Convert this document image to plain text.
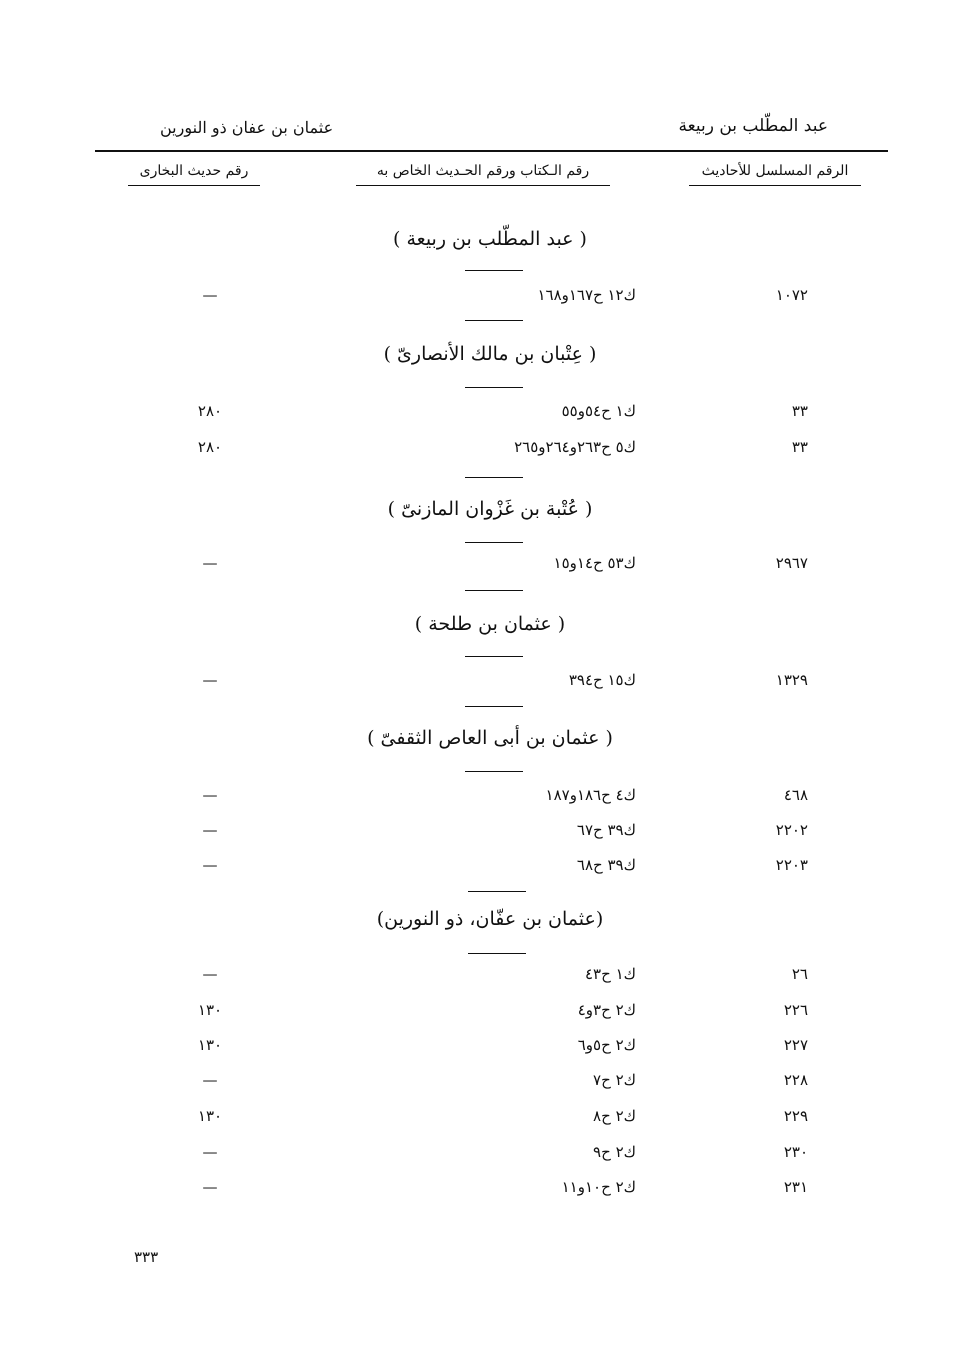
عبد المطّلب بن ربيعة
عثمان بن عفان ذو النورين
الرقم المسلسل للأحاديث
رقم الـكتاب ورقم الحـديث الخاص به
رقم حديث البخارى
( عبد المطّلب بن ربيعة )
١٠٧٢
ك١٢ ح١٦٧و١٦٨
—
( عِتْبان بن مالك الأنصارىّ )
٣٣
ك١ ح٥٤و٥٥
٢٨٠
٣٣
ك٥ ح٢٦٣و٢٦٤و٢٦٥
٢٨٠
( عُتْبة بن غَزْوان المازنىّ )
٢٩٦٧
ك٥٣ ح١٤و١٥
—
( عثمان بن طلحة )
١٣٢٩
ك١٥ ح٣٩٤
—
( عثمان بن أبى العاص الثقفىّ )
٤٦٨
ك٤ ح١٨٦و١٨٧
—
٢٢٠٢
ك٣٩ ح٦٧
—
٢٢٠٣
ك٣٩ ح٦٨
—
(عثمان بن عفّان، ذو النورين)
٢٦
ك١ ح٤٣
—
٢٢٦
ك٢ ح٣و٤
١٣٠
٢٢٧
ك٢ ح٥و٦
١٣٠
٢٢٨
ك٢ ح٧
—
٢٢٩
ك٢ ح٨
١٣٠
٢٣٠
ك٢ ح٩
—
٢٣١
ك٢ ح١٠و١١
—
٣٣٣
